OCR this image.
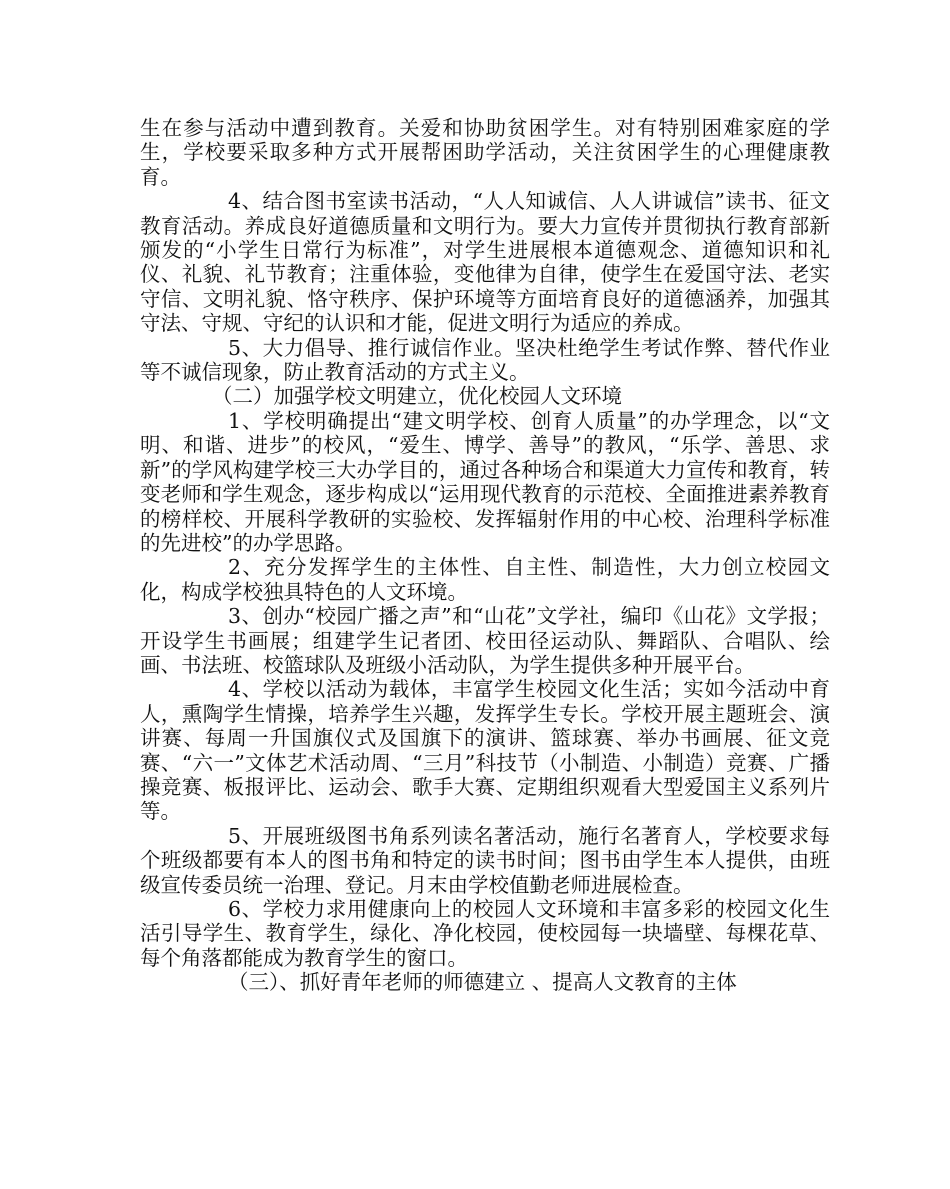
生在参与活动中遭到教育。关爱和协助贫困学生。对有特别困难家庭的学生，学校要采取多种方式开展帮困助学活动，关注贫困学生的心理健康教育。

4、结合图书室读书活动，“人人知诚信、人人讲诚信”读书、征文教育活动。养成良好道德质量和文明行为。要大力宣传并贯彻执行教育部新颁发的“小学生日常行为标准”，对学生进展根本道德观念、道德知识和礼仪、礼貌、礼节教育；注重体验，变他律为自律，使学生在爱国守法、老实守信、文明礼貌、恪守秩序、保护环境等方面培育良好的道德涵养，加强其守法、守规、守纪的认识和才能，促进文明行为适应的养成。

5、大力倡导、推行诚信作业。坚决杜绝学生考试作弊、替代作业等不诚信现象，防止教育活动的方式主义。

（二）加强学校文明建立，优化校园人文环境

1、学校明确提出“建文明学校、创育人质量”的办学理念，以“文明、和谐、进步”的校风，“爱生、博学、善导”的教风，“乐学、善思、求新”的学风构建学校三大办学目的，通过各种场合和渠道大力宣传和教育，转变老师和学生观念，逐步构成以“运用现代教育的示范校、全面推进素养教育的榜样校、开展科学教研的实验校、发挥辐射作用的中心校、治理科学标准的先进校”的办学思路。

2、充分发挥学生的主体性、自主性、制造性，大力创立校园文化，构成学校独具特色的人文环境。

3、创办“校园广播之声”和“山花”文学社，编印《山花》文学报；开设学生书画展；组建学生记者团、校田径运动队、舞蹈队、合唱队、绘画、书法班、校篮球队及班级小活动队，为学生提供多种开展平台。

4、学校以活动为载体，丰富学生校园文化生活；实如今活动中育人，熏陶学生情操，培养学生兴趣，发挥学生专长。学校开展主题班会、演讲赛、每周一升国旗仪式及国旗下的演讲、篮球赛、举办书画展、征文竞赛、“六一”文体艺术活动周、“三月”科技节（小制造、小制造）竞赛、广播操竞赛、板报评比、运动会、歌手大赛、定期组织观看大型爱国主义系列片等。

5、开展班级图书角系列读名著活动，施行名著育人，学校要求每个班级都要有本人的图书角和特定的读书时间；图书由学生本人提供，由班级宣传委员统一治理、登记。月末由学校值勤老师进展检查。

6、学校力求用健康向上的校园人文环境和丰富多彩的校园文化生活引导学生、教育学生，绿化、净化校园，使校园每一块墙壁、每棵花草、每个角落都能成为教育学生的窗口。

（三）、抓好青年老师的师德建立 、提高人文教育的主体
